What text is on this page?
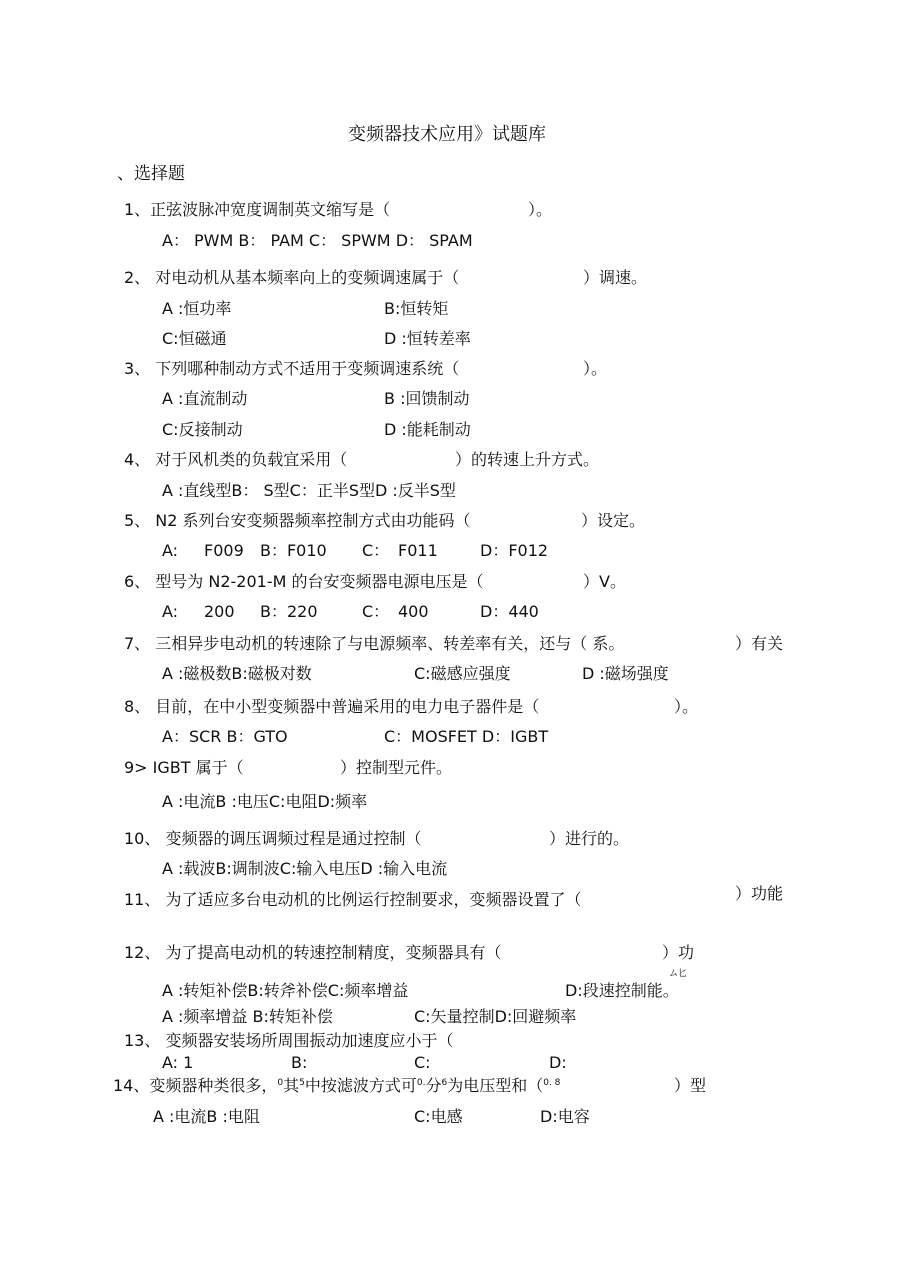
变频器技术应用》试题库
、选择题
1、正弦波脉冲宽度调制英文缩写是（	）。
A： PWM B： PAM C： SPWM D： SPAM
2、 对电动机从基本频率向上的变频调速属于（	）调速。
A :恒功率	B:恒转矩
C:恒磁通	D :恒转差率
3、 下列哪种制动方式不适用于变频调速系统（	）。
A :直流制动	B :回馈制动
C:反接制动	D :能耗制动
4、 对于风机类的负载宜采用（	）的转速上升方式。
A :直线型B： S型C：正半S型D :反半S型
5、 N2 系列台安变频器频率控制方式由功能码（	）设定。
A: F009 B：F010 C： F011	D：F012
6、 型号为 N2-201-M 的台安变频器电源电压是（	）V。
A: 200 B：220	C： 400	D：440
7、 三相异步电动机的转速除了与电源频率、转差率有关，还与（ 系。	）有关
A :磁极数B:磁极对数	C:磁感应强度	D :磁场强度
8、 目前，在中小型变频器中普遍采用的电力电子器件是（	）。
A：SCR B：GTO	C：MOSFET D：IGBT
9> IGBT 属于（	）控制型元件。
A :电流B :电压C:电阻D:频率
10、 变频器的调压调频过程是通过控制（	）进行的。
A :载波B:调制波C:输入电压D :输入电流
11、 为了适应多台电动机的比例运行控制要求，变频器设置了（	）功能
12、 为了提高电动机的转速控制精度，变频器具有（	）功
ム匕
A :转矩补偿B:转斧补偿C:频率增益	D:段速控制能。
A :频率增益 B:转矩补偿	C:矢量控制D:回避频率
13、 变频器安装场所周围振动加速度应小于（
A: 1	B:	C:	D:
14、变频器种类很多，$^0$其$^5$中按滤波方式可$^{0.}$分$^6$为电压型和（$^{0. 8}$	）型
A :电流B :电阻	C:电感	D:电容
